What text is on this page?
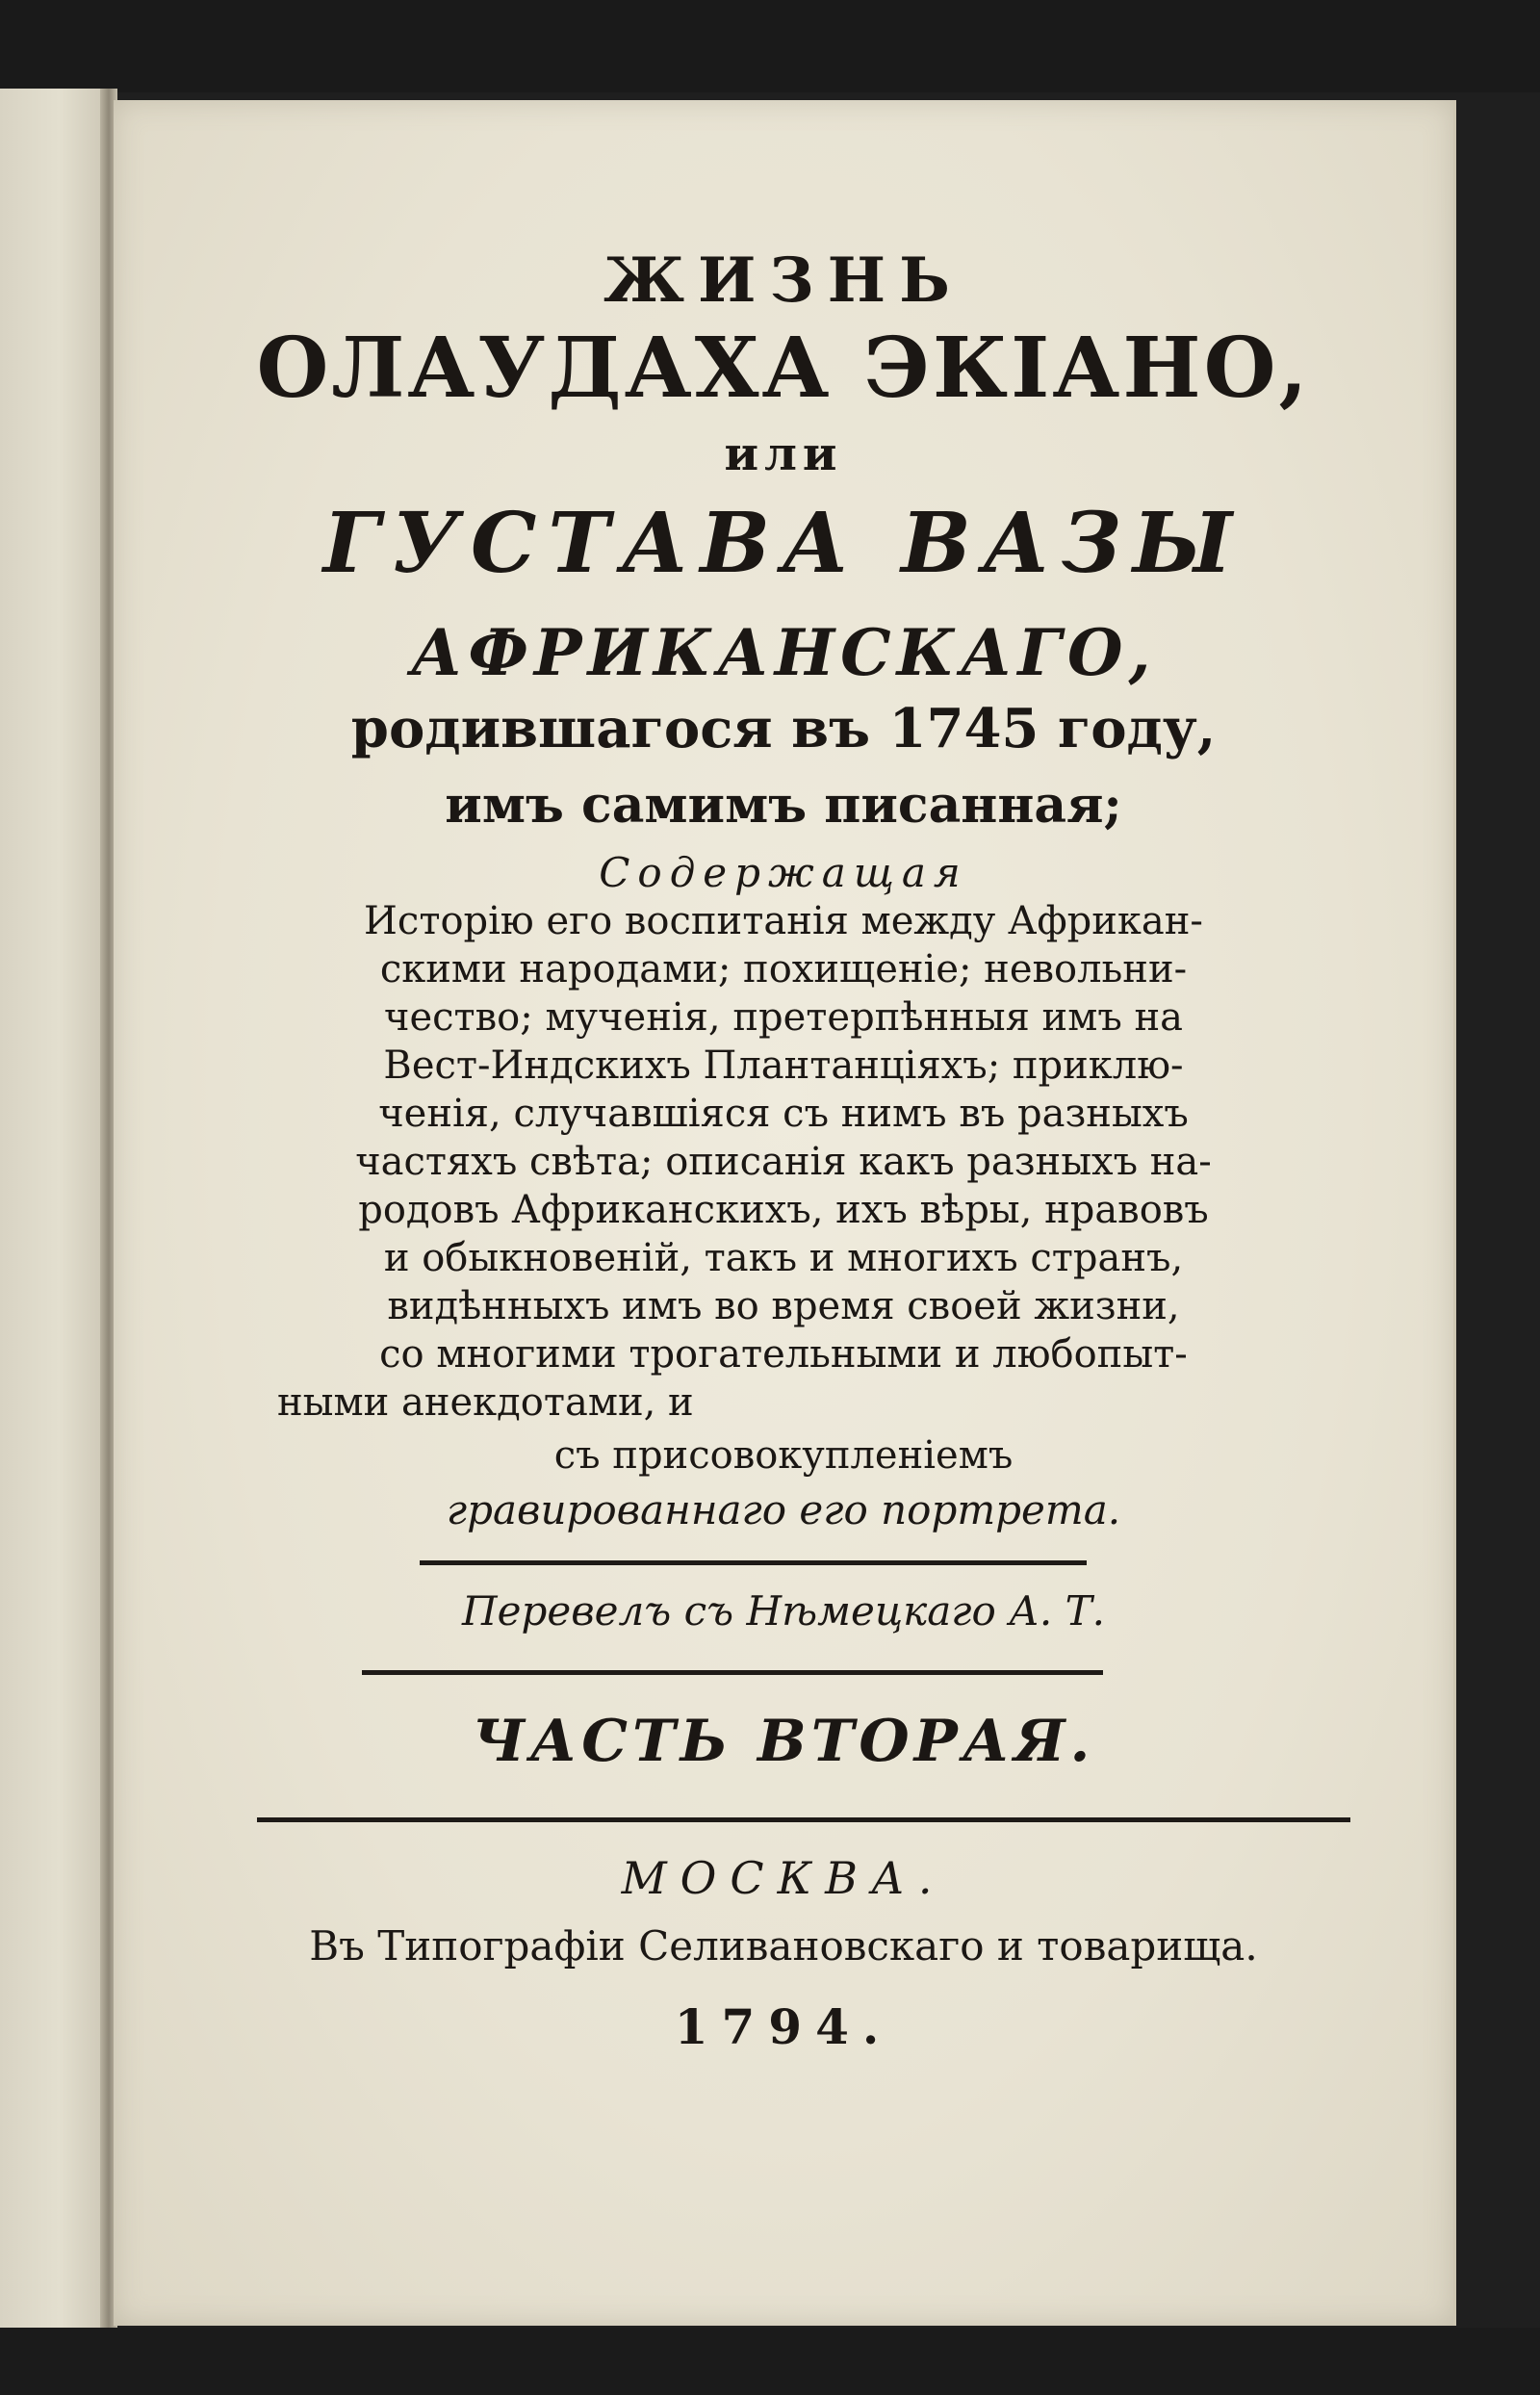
ЖИЗНЬ
ОЛАУДАХА ЭКІАНО,
или
ГУСТАВА ВАЗЫ
АФРИКАНСКАГО,
родившагося въ 1745 году,
имъ самимъ писанная;
Содержащая
Исторію его воспитанія между Африкан-
скими народами; похищеніе; невольни-
чество; мученія, претерпѣнныя имъ на
Вест-Индскихъ Плантанціяхъ; приклю-
ченія, случавшіяся съ нимъ въ разныхъ
частяхъ свѣта; описанія какъ разныхъ на-
родовъ Африканскихъ, ихъ вѣры, нравовъ
и обыкновеній, такъ и многихъ странъ,
видѣнныхъ имъ во время своей жизни,
со многими трогательными и любопыт-
ными анекдотами, и
съ присовокупленіемъ
гравированнаго его портрета.
Перевелъ съ Нѣмецкаго А. Т.
ЧАСТЬ ВТОРАЯ.
МОСКВА.
Въ Типографіи Селивановскаго и товарища.
1794.
